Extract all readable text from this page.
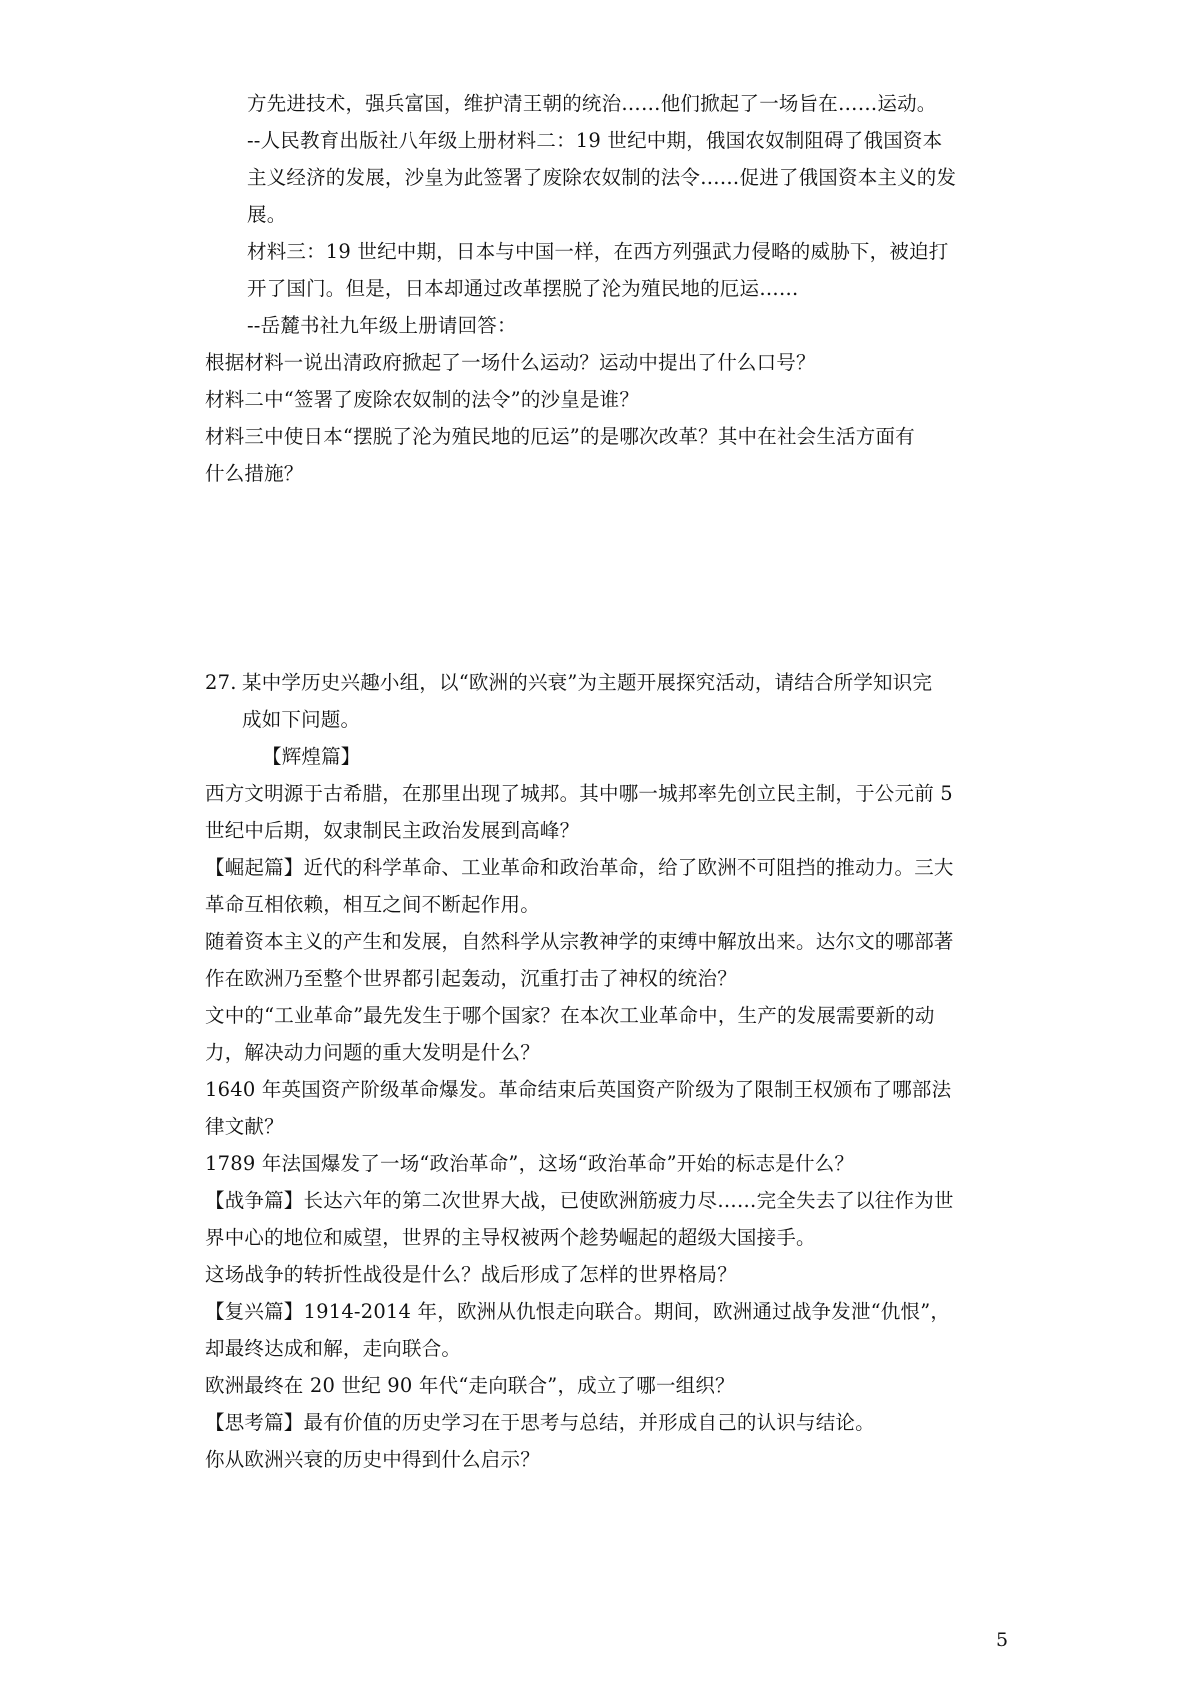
方先进技术，强兵富国，维护清王朝的统治……他们掀起了一场旨在……运动。
--人民教育出版社八年级上册材料二：19 世纪中期，俄国农奴制阻碍了俄国资本
主义经济的发展，沙皇为此签署了废除农奴制的法令……促进了俄国资本主义的发
展。
材料三：19 世纪中期，日本与中国一样，在西方列强武力侵略的威胁下，被迫打
开了国门。但是，日本却通过改革摆脱了沦为殖民地的厄运……
--岳麓书社九年级上册请回答：
根据材料一说出清政府掀起了一场什么运动？运动中提出了什么口号？
材料二中“签署了废除农奴制的法令”的沙皇是谁？
材料三中使日本“摆脱了沦为殖民地的厄运”的是哪次改革？其中在社会生活方面有
什么措施？
27. 某中学历史兴趣小组，以“欧洲的兴衰”为主题开展探究活动，请结合所学知识完
成如下问题。
【辉煌篇】
西方文明源于古希腊，在那里出现了城邦。其中哪一城邦率先创立民主制，于公元前 5
世纪中后期，奴隶制民主政治发展到高峰？
【崛起篇】近代的科学革命、工业革命和政治革命，给了欧洲不可阻挡的推动力。三大
革命互相依赖，相互之间不断起作用。
随着资本主义的产生和发展，自然科学从宗教神学的束缚中解放出来。达尔文的哪部著
作在欧洲乃至整个世界都引起轰动，沉重打击了神权的统治？
文中的“工业革命”最先发生于哪个国家？在本次工业革命中，生产的发展需要新的动
力，解决动力问题的重大发明是什么？
1640 年英国资产阶级革命爆发。革命结束后英国资产阶级为了限制王权颁布了哪部法
律文献？
1789 年法国爆发了一场“政治革命”，这场“政治革命”开始的标志是什么？
【战争篇】长达六年的第二次世界大战，已使欧洲筋疲力尽……完全失去了以往作为世
界中心的地位和威望，世界的主导权被两个趁势崛起的超级大国接手。
这场战争的转折性战役是什么？战后形成了怎样的世界格局？
【复兴篇】1914-2014 年，欧洲从仇恨走向联合。期间，欧洲通过战争发泄“仇恨”，
却最终达成和解，走向联合。
欧洲最终在 20 世纪 90 年代“走向联合”，成立了哪一组织？
【思考篇】最有价值的历史学习在于思考与总结，并形成自己的认识与结论。
你从欧洲兴衰的历史中得到什么启示？
5
